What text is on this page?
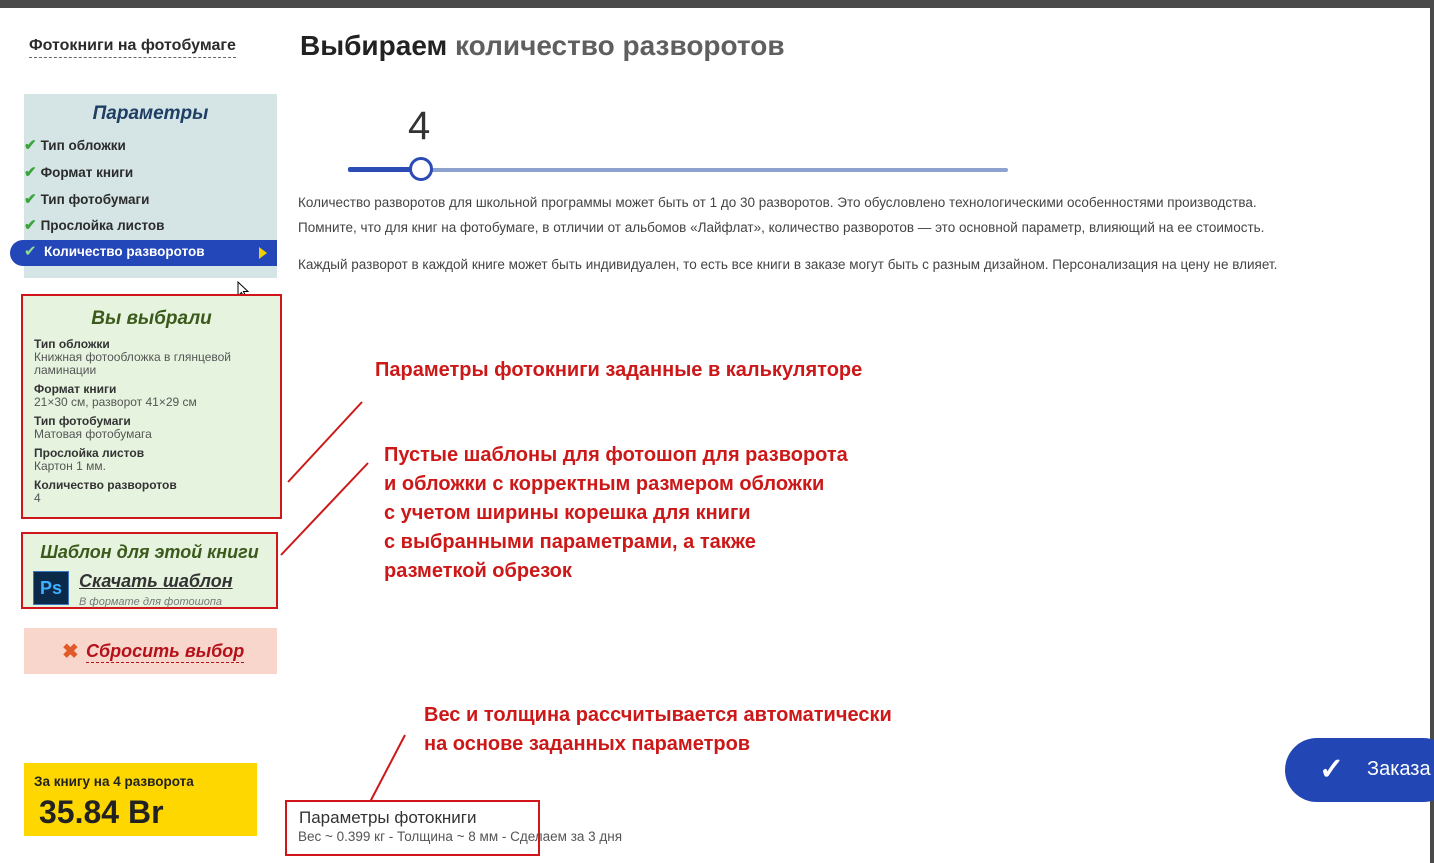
Фотокниги на фотобумаге Выбираем количество разворотов
Параметры
✔ Тип обложки
✔ Формат книги
✔ Тип фотобумаги
✔ Прослойка листов
✔ Количество разворотов
Вы выбрали
Тип обложки
Книжная фотообложка в глянцевой ламинации
Формат книги
21×30 см, разворот 41×29 см
Тип фотобумаги
Матовая фотобумага
Прослойка листов
Картон 1 мм.
Количество разворотов
4
Шаблон для этой книги
Ps Скачать шаблон
В формате для фотошопа
✖ Сбросить выбор
За книгу на 4 разворота
35.84 Br
4
Количество разворотов для школьной программы может быть от 1 до 30 разворотов. Это обусловлено технологическими особенностями производства.
Помните, что для книг на фотобумаге, в отличии от альбомов «Лайфлат», количество разворотов — это основной параметр, влияющий на ее стоимость.
Каждый разворот в каждой книге может быть индивидуален, то есть все книги в заказе могут быть с разным дизайном. Персонализация на цену не влияет.
Параметры фотокниги заданные в калькуляторе
Пустые шаблоны для фотошоп для разворота
и обложки с корректным размером обложки
с учетом ширины корешка для книги
с выбранными параметрами, а также
разметкой обрезок
Вес и толщина рассчитывается автоматически
на основе заданных параметров
Параметры фотокниги
Вес ~ 0.399 кг - Толщина ~ 8 мм - Сделаем за 3 дня
✓ Заказа
